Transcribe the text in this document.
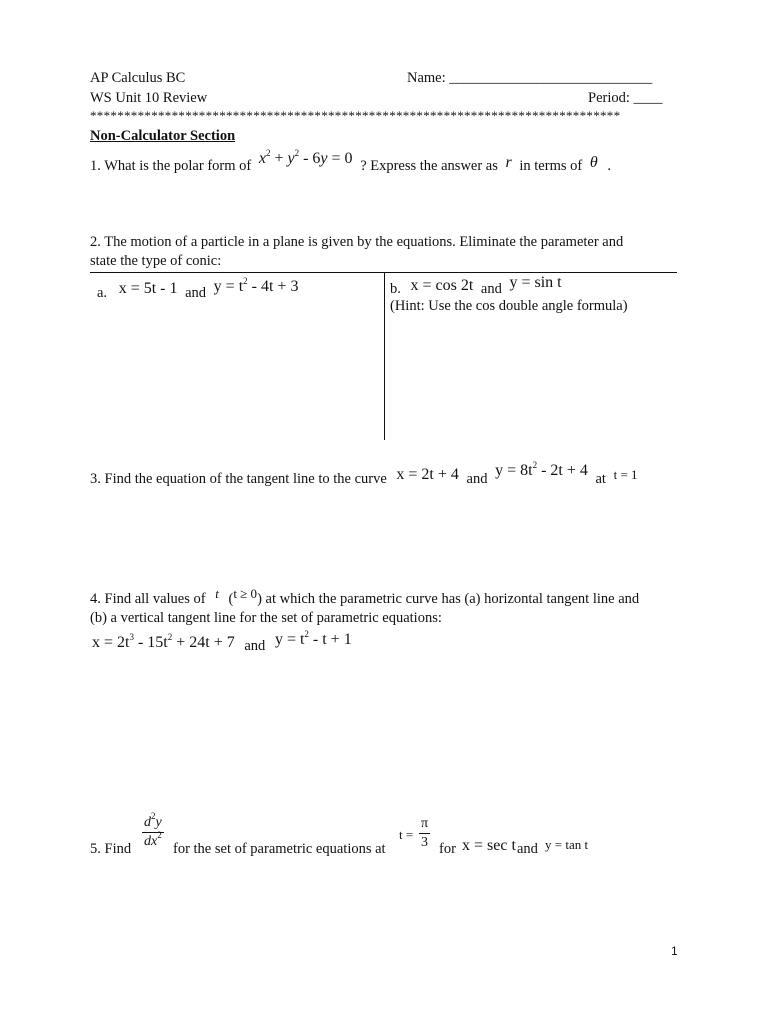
AP Calculus BC	Name: ____________________________
WS Unit 10 Review	Period: ____
******************************************************************************
Non-Calculator Section
1. What is the polar form of $x^2 + y^2 - 6y = 0$ ? Express the answer as r in terms of θ .
2. The motion of a particle in a plane is given by the equations. Eliminate the parameter and
state the type of conic:
a. x = 5t - 1 and $y = t^2 - 4t + 3$	b. x = cos 2t and y = sin t
(Hint: Use the cos double angle formula)
3. Find the equation of the tangent line to the curve x = 2t + 4 and $y = 8t^2 - 2t + 4$ at t = 1
4. Find all values of t (t ≥ 0) at which the parametric curve has (a) horizontal tangent line and
(b) a vertical tangent line for the set of parametric equations:
$x = 2t^3 - 15t^2 + 24t + 7$ and $y = t^2 - t + 1$
5. Find $\frac{d^2y}{dx^2}$ for the set of parametric equations at
$t = \frac{\pi}{3}$ for x = sec t and y = tan t
1
